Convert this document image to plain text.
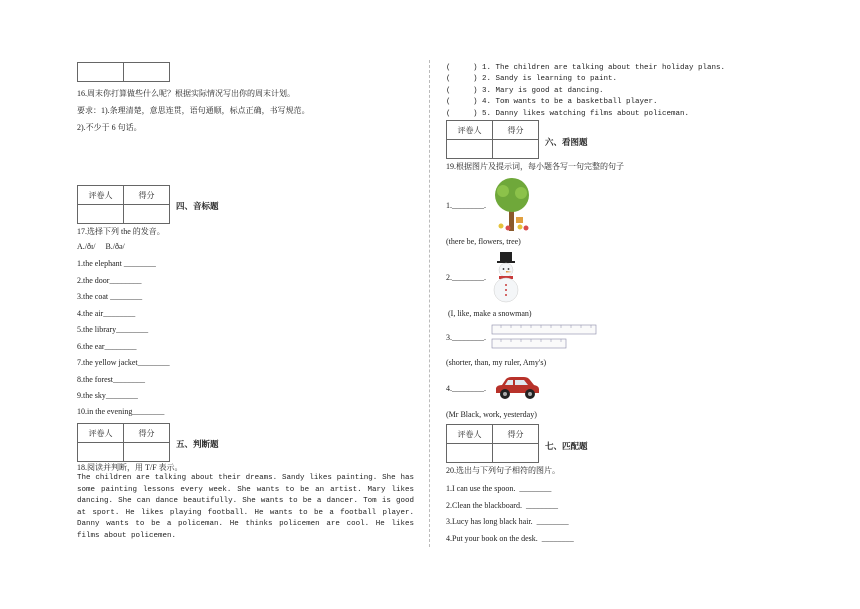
16.周末你打算做些什么呢？根据实际情况写出你的周末计划。
要求：1).条理清楚，意思连贯，语句通顺，标点正确，书写规范。
2).不少于 6 句话。
评卷人	得分

四、音标题
17.选择下列 the 的发音。
A./ðɪ/     B./ðə/
1.the elephant ________
2.the door________
3.the coat ________
4.the air________
5.the library________
6.the ear________
7.the yellow jacket________
8.the forest________
9.the sky________
10.in the evening________
评卷人	得分

五、判断题
18.阅读并判断，用 T/F 表示。
The children are talking about their dreams. Sandy likes painting. She has some painting lessons every week. She wants to be an artist. Mary likes dancing. She can dance beautifully. She wants to be a dancer. Tom is good at sport. He likes playing football. He wants to be a football player. Danny wants to be a policeman. He thinks policemen are cool. He likes films about policemen.
(     ) 1. The children are talking about their holiday plans.
(     ) 2. Sandy is learning to paint.
(     ) 3. Mary is good at dancing.
(     ) 4. Tom wants to be a basketball player.
(     ) 5. Danny likes watching films about policeman.
评卷人	得分

六、看图题
19.根据图片及提示词，每小题各写一句完整的句子
1.________.
(there be, flowers, tree)
2.________.
(I, like, make a snowman)
3.________.
(shorter, than, my ruler, Amy's)
4.________.
(Mr Black, work, yesterday)
评卷人	得分

七、匹配题
20.选出与下列句子相符的图片。
1.I can use the spoon.  ________
2.Clean the blackboard.  ________
3.Lucy has long black hair.  ________
4.Put your book on the desk.  ________
